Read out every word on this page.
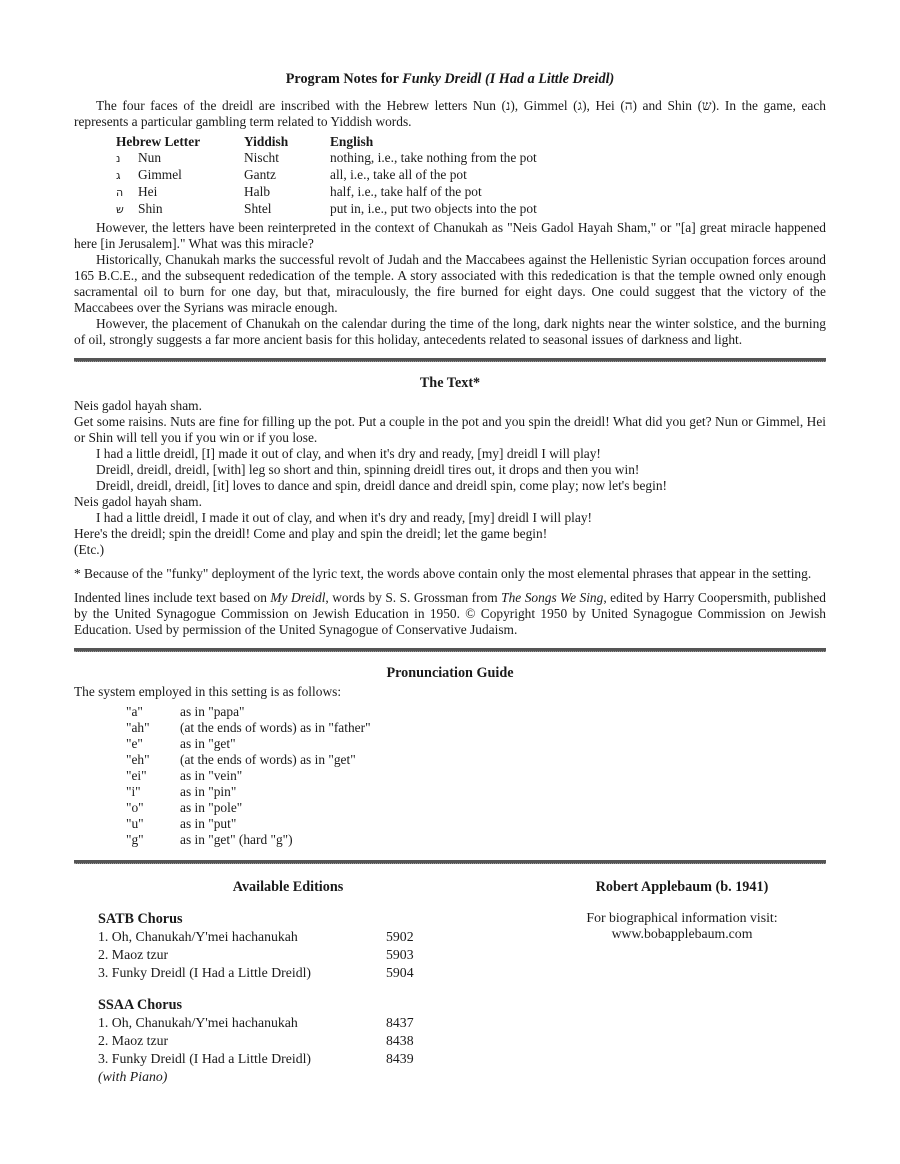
Program Notes for Funky Dreidl (I Had a Little Dreidl)

The four faces of the dreidl are inscribed with the Hebrew letters Nun (נ), Gimmel (ג), Hei (ה) and Shin (ש). In the game, each represents a particular gambling term related to Yiddish words.

Hebrew Letter	Yiddish	English
נ Nun	Nischt	nothing, i.e., take nothing from the pot
ג Gimmel	Gantz	all, i.e., take all of the pot
ה Hei	Halb	half, i.e., take half of the pot
ש Shin	Shtel	put in, i.e., put two objects into the pot

However, the letters have been reinterpreted in the context of Chanukah as "Neis Gadol Hayah Sham," or "[a] great miracle happened here [in Jerusalem]." What was this miracle?

Historically, Chanukah marks the successful revolt of Judah and the Maccabees against the Hellenistic Syrian occupation forces around 165 B.C.E., and the subsequent rededication of the temple. A story associated with this rededication is that the temple owned only enough sacramental oil to burn for one day, but that, miraculously, the fire burned for eight days. One could suggest that the victory of the Maccabees over the Syrians was miracle enough.

However, the placement of Chanukah on the calendar during the time of the long, dark nights near the winter solstice, and the burning of oil, strongly suggests a far more ancient basis for this holiday, antecedents related to seasonal issues of darkness and light.

The Text*

Neis gadol hayah sham.

Get some raisins. Nuts are fine for filling up the pot. Put a couple in the pot and you spin the dreidl! What did you get? Nun or Gimmel, Hei or Shin will tell you if you win or if you lose.

I had a little dreidl, [I] made it out of clay, and when it's dry and ready, [my] dreidl I will play!

Dreidl, dreidl, dreidl, [with] leg so short and thin, spinning dreidl tires out, it drops and then you win!

Dreidl, dreidl, dreidl, [it] loves to dance and spin, dreidl dance and dreidl spin, come play; now let's begin!

Neis gadol hayah sham.

I had a little dreidl, I made it out of clay, and when it's dry and ready, [my] dreidl I will play!

Here's the dreidl; spin the dreidl! Come and play and spin the dreidl; let the game begin!

(Etc.)

* Because of the "funky" deployment of the lyric text, the words above contain only the most elemental phrases that appear in the setting.

Indented lines include text based on My Dreidl, words by S. S. Grossman from The Songs We Sing, edited by Harry Coopersmith, published by the United Synagogue Commission on Jewish Education in 1950. © Copyright 1950 by United Synagogue Commission on Jewish Education. Used by permission of the United Synagogue of Conservative Judaism.

Pronunciation Guide

The system employed in this setting is as follows:

"a"	as in "papa"
"ah"	(at the ends of words) as in "father"
"e"	as in "get"
"eh"	(at the ends of words) as in "get"
"ei"	as in "vein"
"i"	as in "pin"
"o"	as in "pole"
"u"	as in "put"
"g"	as in "get" (hard "g")
Available Editions
SATB Chorus
1. Oh, Chanukah/Y'mei hachanukah	5902
2. Maoz tzur	5903
3. Funky Dreidl (I Had a Little Dreidl)	5904
SSAA Chorus
1. Oh, Chanukah/Y'mei hachanukah	8437
2. Maoz tzur	8438
3. Funky Dreidl (I Had a Little Dreidl)	8439
(with Piano)	
Robert Applebaum (b. 1941)

For biographical information visit:

www.bobapplebaum.com
